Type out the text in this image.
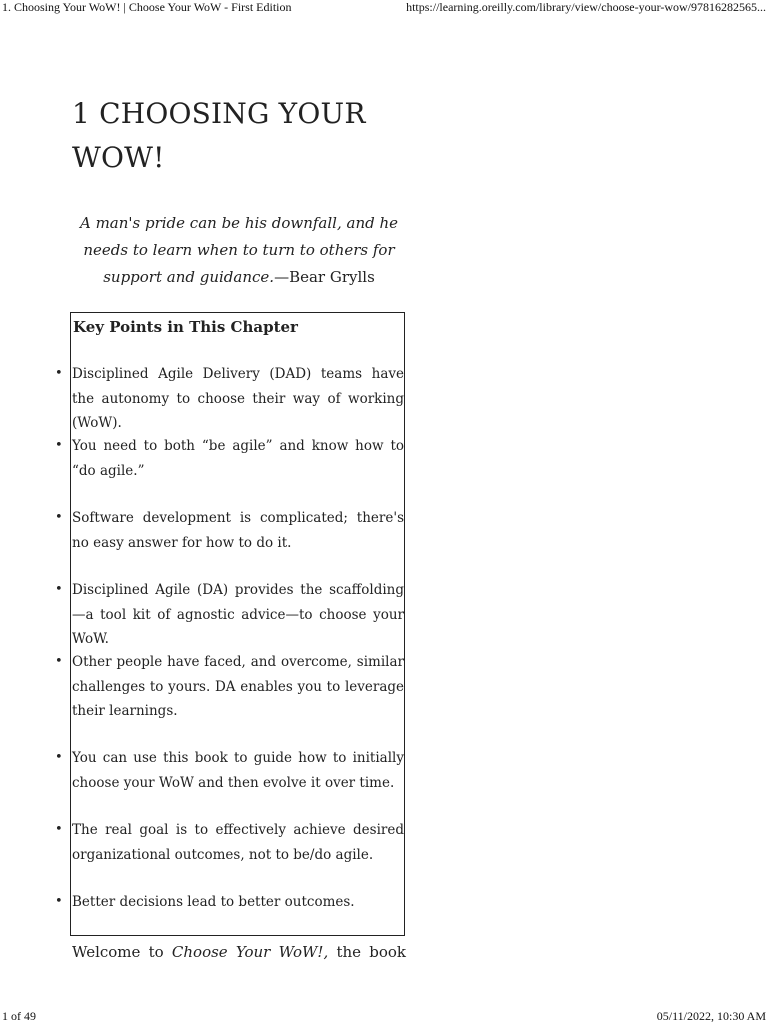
1. Choosing Your WoW! | Choose Your WoW - First Edition	https://learning.oreilly.com/library/view/choose-your-wow/97816282565...
1 CHOOSING YOUR
WOW!

A man's pride can be his downfall, and he needs to learn when to turn to others for support and guidance.—Bear Grylls

Key Points in This Chapter
• Disciplined Agile Delivery (DAD) teams have the autonomy to choose their way of working (WoW).
• You need to both “be agile” and know how to “do agile.”
• Software development is complicated; there's no easy answer for how to do it.
• Disciplined Agile (DA) provides the scaffolding—a tool kit of agnostic advice—to choose your WoW.
• Other people have faced, and overcome, similar challenges to yours. DA enables you to leverage their learnings.
• You can use this book to guide how to initially choose your WoW and then evolve it over time.
• The real goal is to effectively achieve desired organizational outcomes, not to be/do agile.
• Better decisions lead to better outcomes.

Welcome to Choose Your WoW!, the book

1 of 49	05/11/2022, 10:30 AM
